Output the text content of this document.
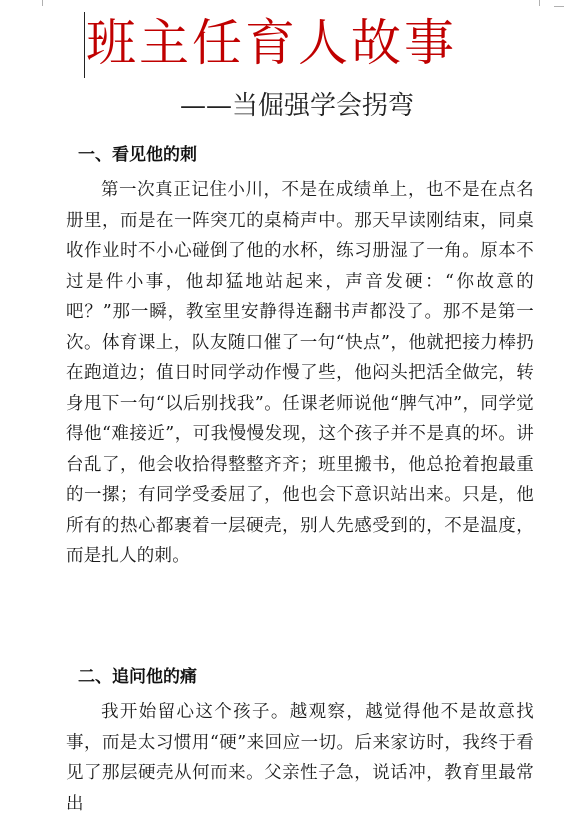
班主任育人故事
——当倔强学会拐弯
一、看见他的刺
第一次真正记住小川，不是在成绩单上，也不是在点名册里，而是在一阵突兀的桌椅声中。那天早读刚结束，同桌收作业时不小心碰倒了他的水杯，练习册湿了一角。原本不过是件小事，他却猛地站起来，声音发硬：“你故意的吧？”那一瞬，教室里安静得连翻书声都没了。那不是第一次。体育课上，队友随口催了一句“快点”，他就把接力棒扔在跑道边；值日时同学动作慢了些，他闷头把活全做完，转身甩下一句“以后别找我”。任课老师说他“脾气冲”，同学觉得他“难接近”，可我慢慢发现，这个孩子并不是真的坏。讲台乱了，他会收拾得整整齐齐；班里搬书，他总抢着抱最重的一摞；有同学受委屈了，他也会下意识站出来。只是，他所有的热心都裹着一层硬壳，别人先感受到的，不是温度，而是扎人的刺。
二、追问他的痛
我开始留心这个孩子。越观察，越觉得他不是故意找事，而是太习惯用“硬”来回应一切。后来家访时，我终于看见了那层硬壳从何而来。父亲性子急，说话冲，教育里最常出
